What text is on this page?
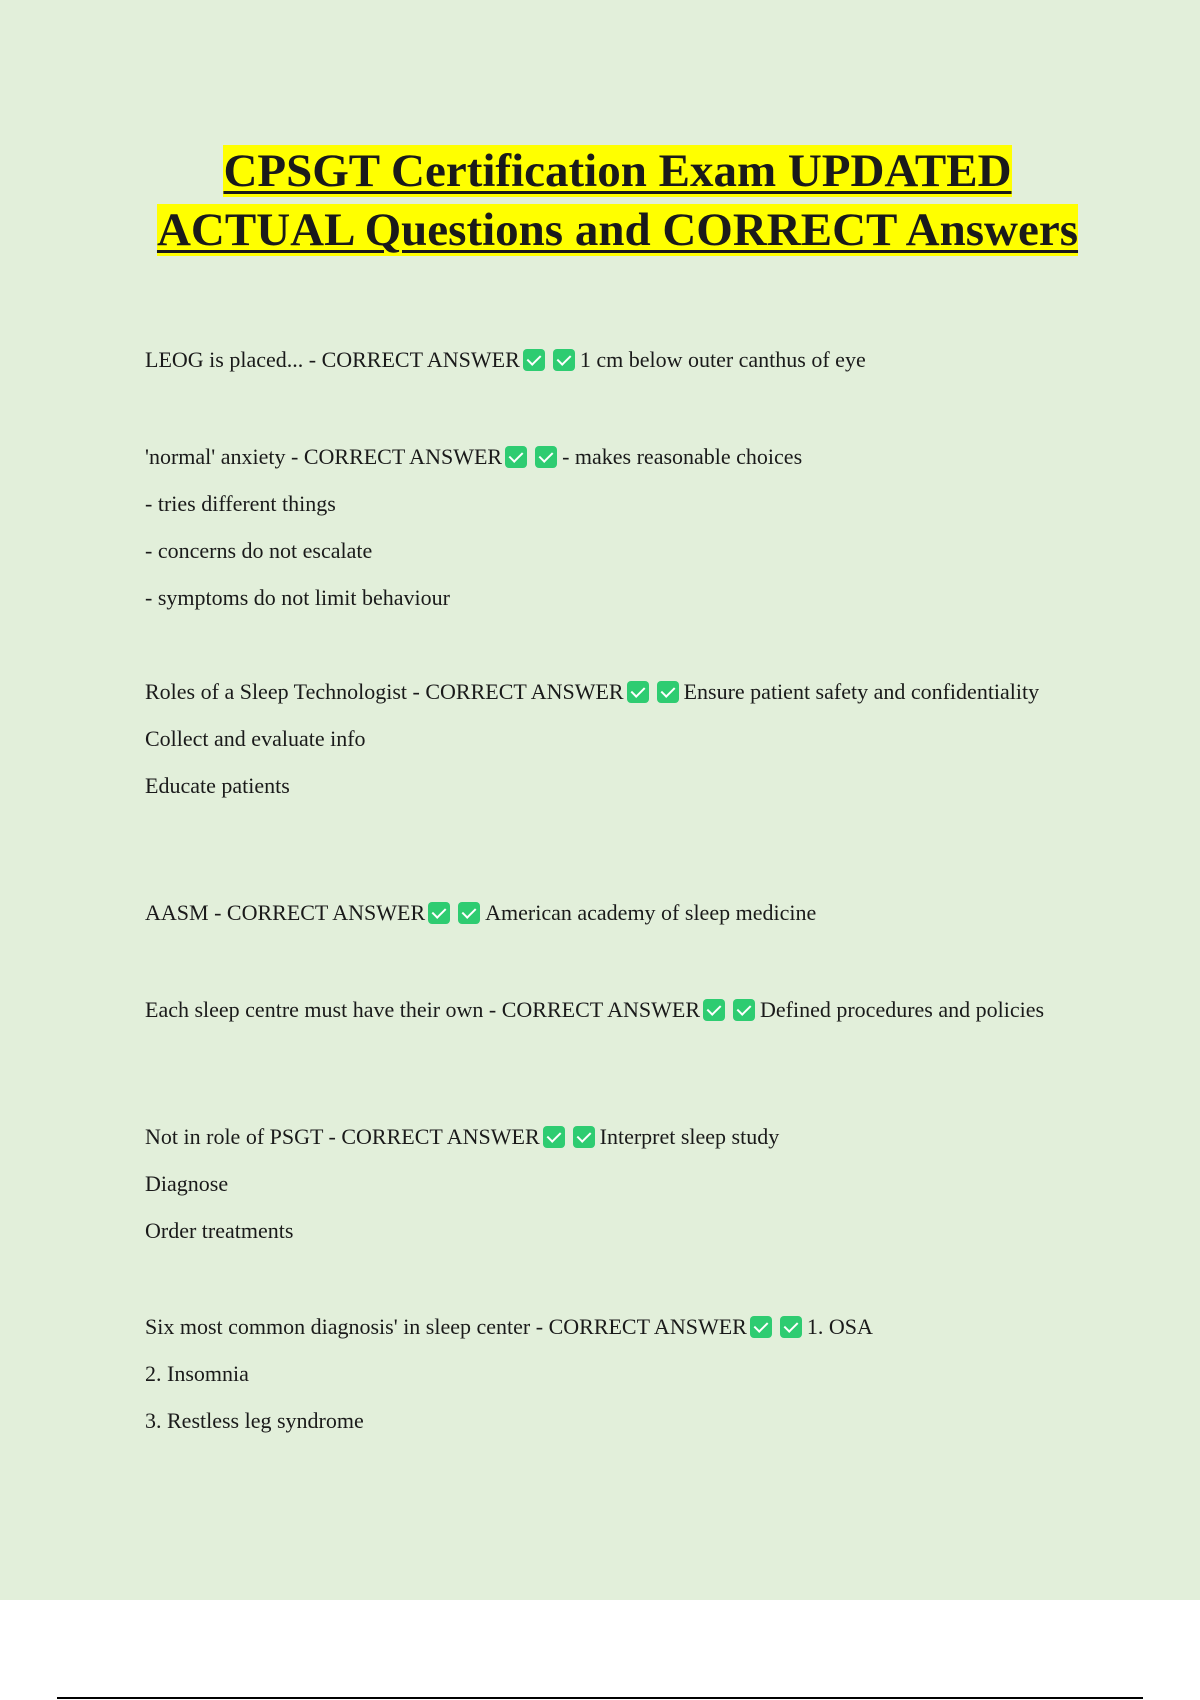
CPSGT Certification Exam UPDATED ACTUAL Questions and CORRECT Answers
LEOG is placed... - CORRECT ANSWER	1 cm below outer canthus of eye
'normal' anxiety - CORRECT ANSWER	- makes reasonable choices
- tries different things
- concerns do not escalate
- symptoms do not limit behaviour
Roles of a Sleep Technologist - CORRECT ANSWER	Ensure patient safety and confidentiality
Collect and evaluate info
Educate patients
AASM - CORRECT ANSWER	American academy of sleep medicine
Each sleep centre must have their own - CORRECT ANSWER	Defined procedures and policies
Not in role of PSGT - CORRECT ANSWER	Interpret sleep study
Diagnose
Order treatments
Six most common diagnosis' in sleep center - CORRECT ANSWER	1. OSA
2. Insomnia
3. Restless leg syndrome
